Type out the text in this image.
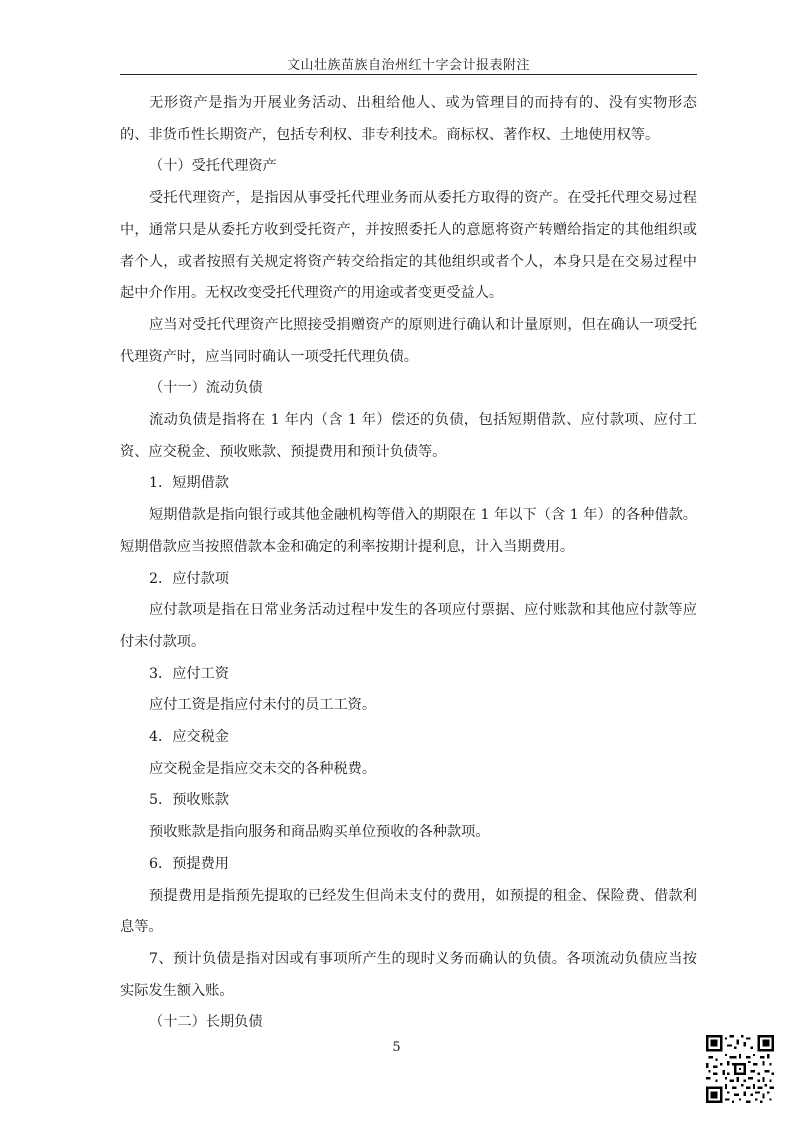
文山壮族苗族自治州红十字会计报表附注

无形资产是指为开展业务活动、出租给他人、或为管理目的而持有的、没有实物形态的、非货币性长期资产，包括专利权、非专利技术。商标权、著作权、土地使用权等。

（十）受托代理资产

受托代理资产，是指因从事受托代理业务而从委托方取得的资产。在受托代理交易过程中，通常只是从委托方收到受托资产，并按照委托人的意愿将资产转赠给指定的其他组织或者个人，或者按照有关规定将资产转交给指定的其他组织或者个人，本身只是在交易过程中起中介作用。无权改变受托代理资产的用途或者变更受益人。

应当对受托代理资产比照接受捐赠资产的原则进行确认和计量原则，但在确认一项受托代理资产时，应当同时确认一项受托代理负债。

（十一）流动负债

流动负债是指将在 1 年内（含 1 年）偿还的负债，包括短期借款、应付款项、应付工资、应交税金、预收账款、预提费用和预计负债等。

1．短期借款

短期借款是指向银行或其他金融机构等借入的期限在 1 年以下（含 1 年）的各种借款。短期借款应当按照借款本金和确定的利率按期计提利息，计入当期费用。

2．应付款项

应付款项是指在日常业务活动过程中发生的各项应付票据、应付账款和其他应付款等应付未付款项。

3．应付工资

应付工资是指应付未付的员工工资。

4．应交税金

应交税金是指应交未交的各种税费。

5．预收账款

预收账款是指向服务和商品购买单位预收的各种款项。

6．预提费用

预提费用是指预先提取的已经发生但尚未支付的费用，如预提的租金、保险费、借款利息等。

7、预计负债是指对因或有事项所产生的现时义务而确认的负债。各项流动负债应当按实际发生额入账。

（十二）长期负债

5
